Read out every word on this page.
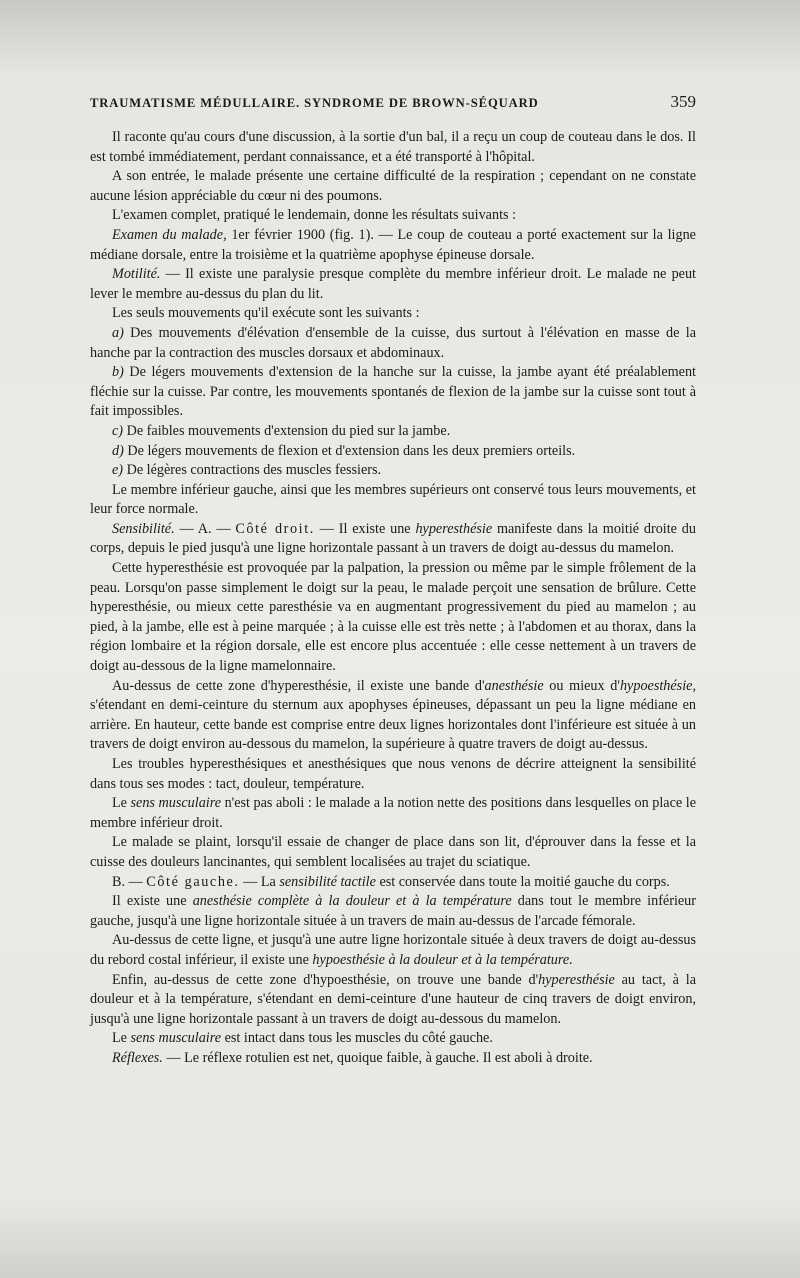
TRAUMATISME MÉDULLAIRE. SYNDROME DE BROWN-SÉQUARD	359

Il raconte qu'au cours d'une discussion, à la sortie d'un bal, il a reçu un coup de couteau dans le dos. Il est tombé immédiatement, perdant connaissance, et a été transporté à l'hôpital.

A son entrée, le malade présente une certaine difficulté de la respiration ; cependant on ne constate aucune lésion appréciable du cœur ni des poumons.

L'examen complet, pratiqué le lendemain, donne les résultats suivants :

Examen du malade, 1er février 1900 (fig. 1). — Le coup de couteau a porté exactement sur la ligne médiane dorsale, entre la troisième et la quatrième apophyse épineuse dorsale.

Motilité. — Il existe une paralysie presque complète du membre inférieur droit. Le malade ne peut lever le membre au-dessus du plan du lit.

Les seuls mouvements qu'il exécute sont les suivants :

a) Des mouvements d'élévation d'ensemble de la cuisse, dus surtout à l'élévation en masse de la hanche par la contraction des muscles dorsaux et abdominaux.

b) De légers mouvements d'extension de la hanche sur la cuisse, la jambe ayant été préalablement fléchie sur la cuisse. Par contre, les mouvements spontanés de flexion de la jambe sur la cuisse sont tout à fait impossibles.

c) De faibles mouvements d'extension du pied sur la jambe.

d) De légers mouvements de flexion et d'extension dans les deux premiers orteils.

e) De légères contractions des muscles fessiers.

Le membre inférieur gauche, ainsi que les membres supérieurs ont conservé tous leurs mouvements, et leur force normale.

Sensibilité. — A. — Côté droit. — Il existe une hyperesthésie manifeste dans la moitié droite du corps, depuis le pied jusqu'à une ligne horizontale passant à un travers de doigt au-dessus du mamelon.

Cette hyperesthésie est provoquée par la palpation, la pression ou même par le simple frôlement de la peau. Lorsqu'on passe simplement le doigt sur la peau, le malade perçoit une sensation de brûlure. Cette hyperesthésie, ou mieux cette paresthésie va en augmentant progressivement du pied au mamelon ; au pied, à la jambe, elle est à peine marquée ; à la cuisse elle est très nette ; à l'abdomen et au thorax, dans la région lombaire et la région dorsale, elle est encore plus accentuée : elle cesse nettement à un travers de doigt au-dessous de la ligne mamelonnaire.

Au-dessus de cette zone d'hyperesthésie, il existe une bande d'anesthésie ou mieux d'hypoesthésie, s'étendant en demi-ceinture du sternum aux apophyses épineuses, dépassant un peu la ligne médiane en arrière. En hauteur, cette bande est comprise entre deux lignes horizontales dont l'inférieure est située à un travers de doigt environ au-dessous du mamelon, la supérieure à quatre travers de doigt au-dessus.

Les troubles hyperesthésiques et anesthésiques que nous venons de décrire atteignent la sensibilité dans tous ses modes : tact, douleur, température.

Le sens musculaire n'est pas aboli : le malade a la notion nette des positions dans lesquelles on place le membre inférieur droit.

Le malade se plaint, lorsqu'il essaie de changer de place dans son lit, d'éprouver dans la fesse et la cuisse des douleurs lancinantes, qui semblent localisées au trajet du sciatique.

B. — Côté gauche. — La sensibilité tactile est conservée dans toute la moitié gauche du corps.

Il existe une anesthésie complète à la douleur et à la température dans tout le membre inférieur gauche, jusqu'à une ligne horizontale située à un travers de main au-dessus de l'arcade fémorale.

Au-dessus de cette ligne, et jusqu'à une autre ligne horizontale située à deux travers de doigt au-dessus du rebord costal inférieur, il existe une hypoesthésie à la douleur et à la température.

Enfin, au-dessus de cette zone d'hypoesthésie, on trouve une bande d'hyperesthésie au tact, à la douleur et à la température, s'étendant en demi-ceinture d'une hauteur de cinq travers de doigt environ, jusqu'à une ligne horizontale passant à un travers de doigt au-dessous du mamelon.

Le sens musculaire est intact dans tous les muscles du côté gauche.

Réflexes. — Le réflexe rotulien est net, quoique faible, à gauche. Il est aboli à droite.
